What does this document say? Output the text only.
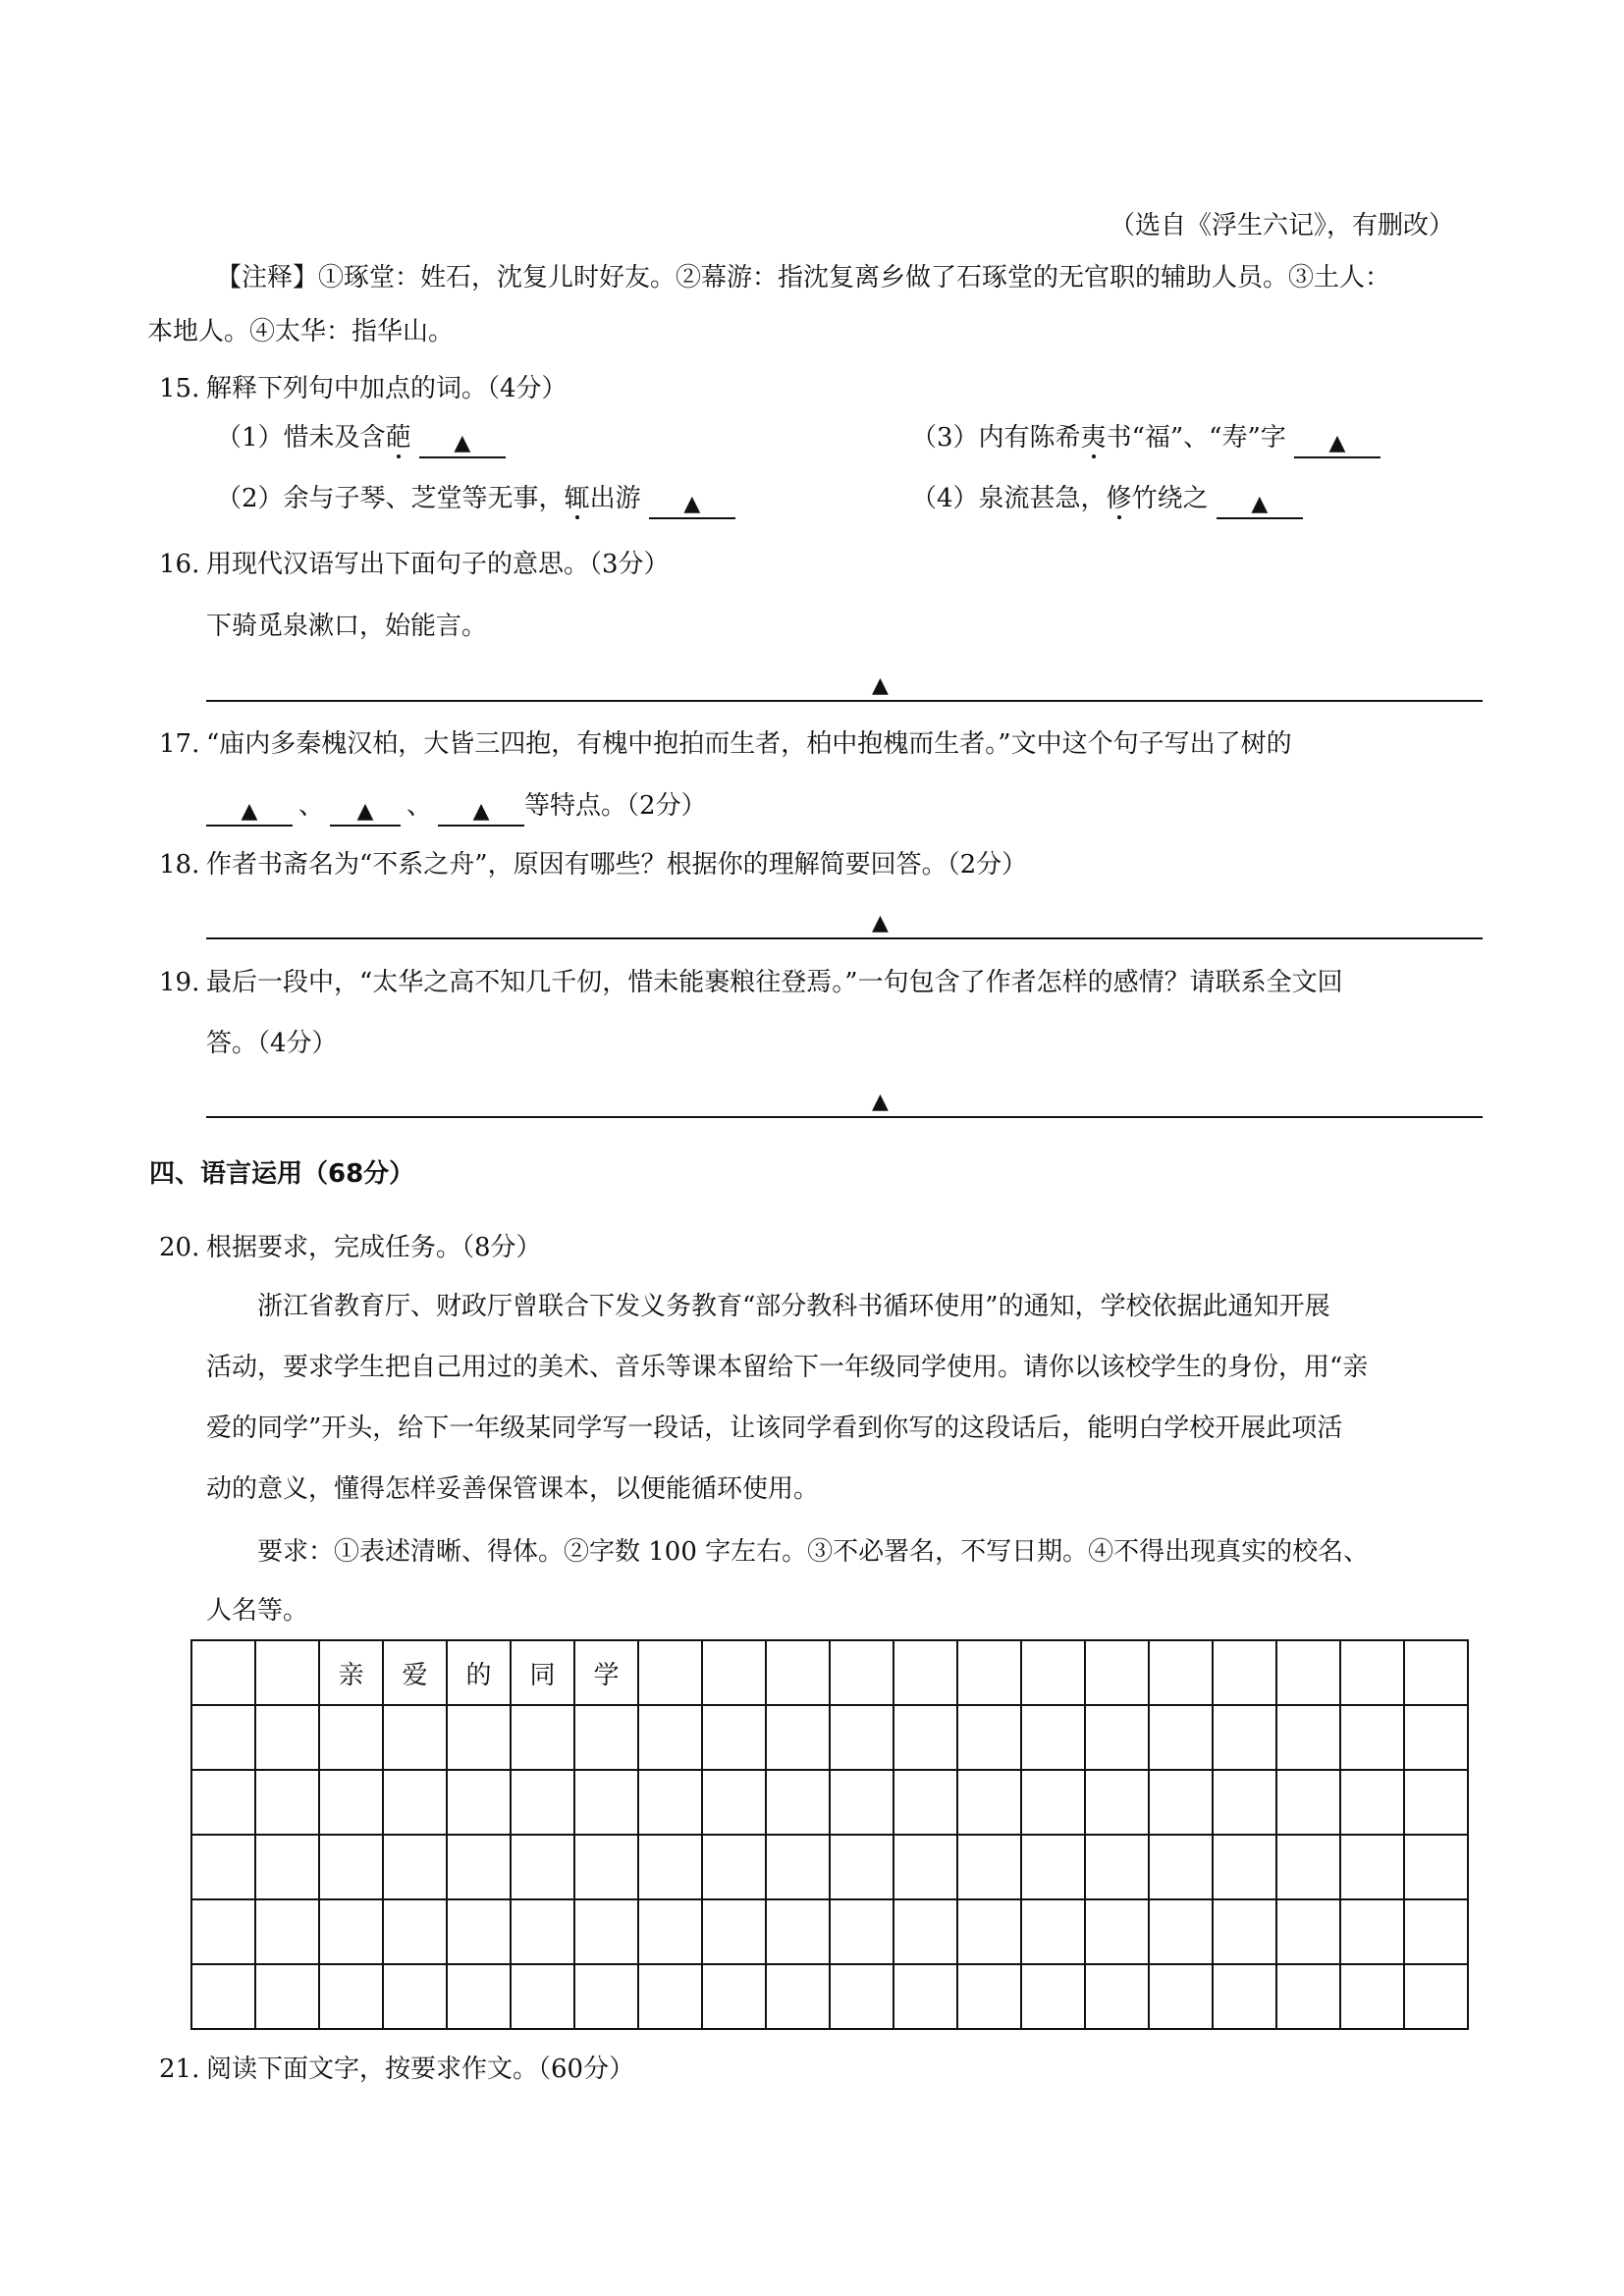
（选自《浮生六记》，有删改）
【注释】①琢堂：姓石，沈复儿时好友。②幕游：指沈复离乡做了石琢堂的无官职的辅助人员。③土人：
本地人。④太华：指华山。
15. 解释下列句中加点的词。（4分）
（1）惜未及含葩 ▲	（3）内有陈希夷书“福”、“寿”字 ▲
（2）余与子琴、芝堂等无事，辄出游 ▲	（4）泉流甚急，修竹绕之 ▲
16. 用现代汉语写出下面句子的意思。（3分）
下骑觅泉漱口，始能言。
▲
17. “庙内多秦槐汉柏，大皆三四抱，有槐中抱拍而生者，柏中抱槐而生者。”文中这个句子写出了树的
▲ 、 ▲ 、 ▲ 等特点。（2分）
18. 作者书斋名为“不系之舟”，原因有哪些？根据你的理解简要回答。（2分）
▲
19. 最后一段中，“太华之高不知几千仞，惜未能裹粮往登焉。”一句包含了作者怎样的感情？请联系全文回
答。（4分）
▲
四、语言运用（68分）
20. 根据要求，完成任务。（8分）
浙江省教育厅、财政厅曾联合下发义务教育“部分教科书循环使用”的通知，学校依据此通知开展
活动，要求学生把自己用过的美术、音乐等课本留给下一年级同学使用。请你以该校学生的身份，用“亲
爱的同学”开头，给下一年级某同学写一段话，让该同学看到你写的这段话后，能明白学校开展此项活
动的意义，懂得怎样妥善保管课本，以便能循环使用。
要求：①表述清晰、得体。②字数 100 字左右。③不必署名，不写日期。④不得出现真实的校名、
人名等。
		亲	爱	的	同	学													

21. 阅读下面文字，按要求作文。（60分）
